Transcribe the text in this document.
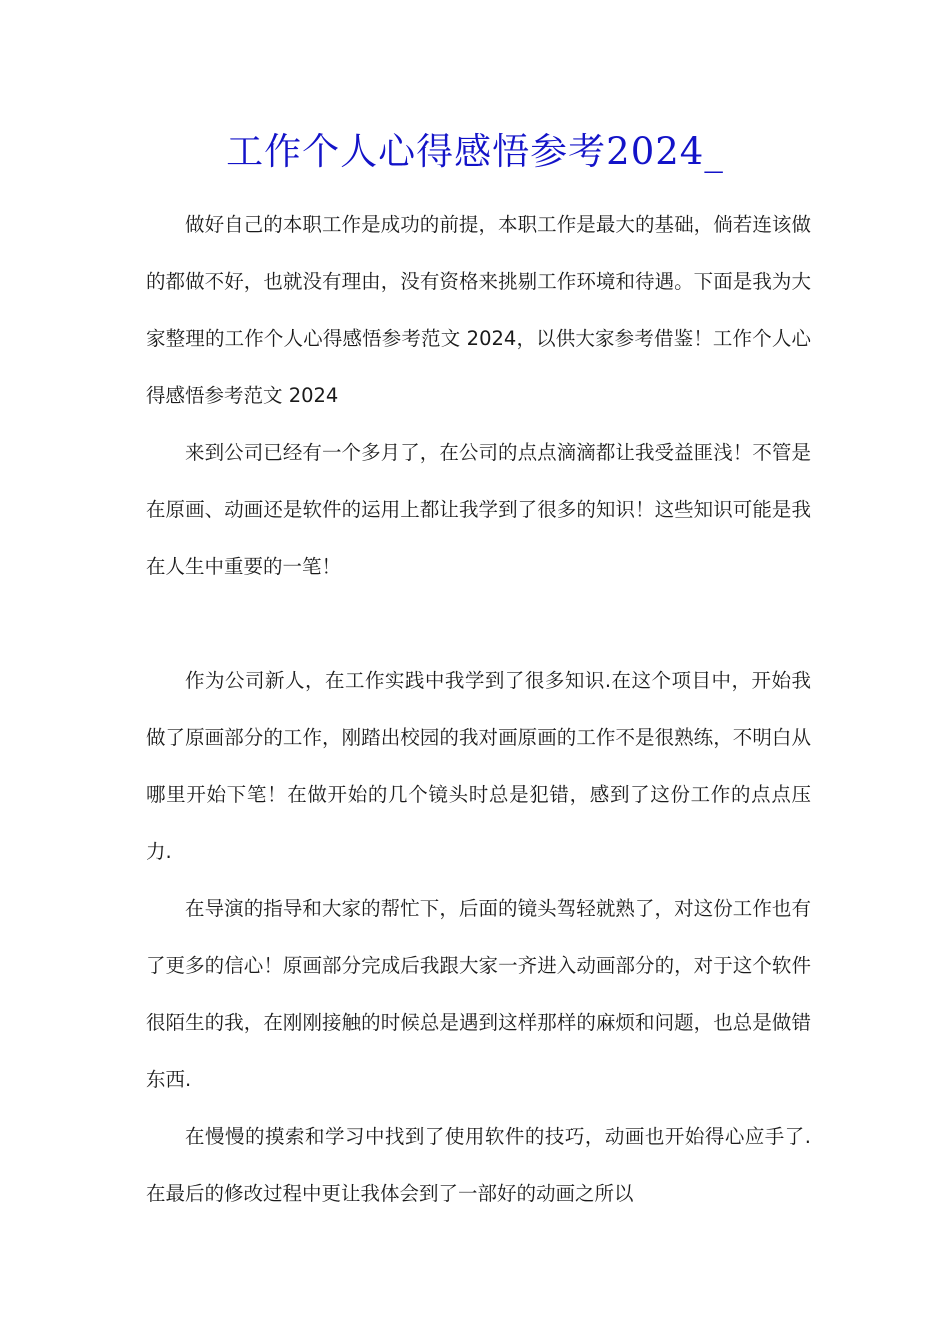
工作个人心得感悟参考2024_

做好自己的本职工作是成功的前提，本职工作是最大的基础，倘若连该做的都做不好，也就没有理由，没有资格来挑剔工作环境和待遇。下面是我为大家整理的工作个人心得感悟参考范文 2024，以供大家参考借鉴！工作个人心得感悟参考范文 2024

来到公司已经有一个多月了，在公司的点点滴滴都让我受益匪浅！不管是在原画、动画还是软件的运用上都让我学到了很多的知识！这些知识可能是我在人生中重要的一笔！

作为公司新人，在工作实践中我学到了很多知识.在这个项目中，开始我做了原画部分的工作，刚踏出校园的我对画原画的工作不是很熟练，不明白从哪里开始下笔！在做开始的几个镜头时总是犯错，感到了这份工作的点点压力.

在导演的指导和大家的帮忙下，后面的镜头驾轻就熟了，对这份工作也有了更多的信心！原画部分完成后我跟大家一齐进入动画部分的，对于这个软件很陌生的我，在刚刚接触的时候总是遇到这样那样的麻烦和问题，也总是做错东西.

在慢慢的摸索和学习中找到了使用软件的技巧，动画也开始得心应手了.在最后的修改过程中更让我体会到了一部好的动画之所以
